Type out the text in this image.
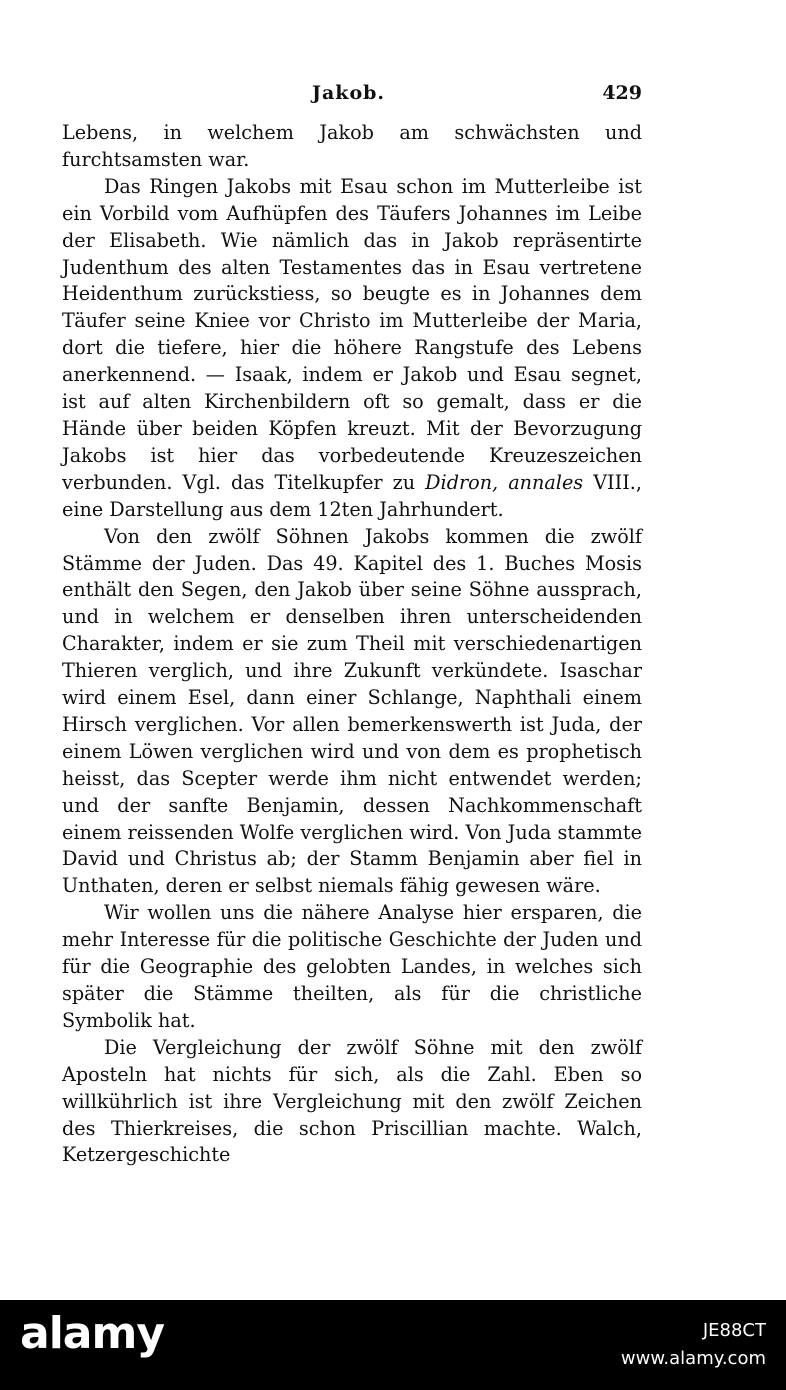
Jakob.	429

Lebens, in welchem Jakob am schwächsten und furchtsamsten war.

Das Ringen Jakobs mit Esau schon im Mutterleibe ist ein Vorbild vom Aufhüpfen des Täufers Johannes im Leibe der Elisabeth. Wie nämlich das in Jakob repräsentirte Judenthum des alten Testamentes das in Esau vertretene Heidenthum zurückstiess, so beugte es in Johannes dem Täufer seine Kniee vor Christo im Mutterleibe der Maria, dort die tiefere, hier die höhere Rangstufe des Lebens anerkennend. — Isaak, indem er Jakob und Esau segnet, ist auf alten Kirchenbildern oft so gemalt, dass er die Hände über beiden Köpfen kreuzt. Mit der Bevorzugung Jakobs ist hier das vorbedeutende Kreuzeszeichen verbunden. Vgl. das Titelkupfer zu Didron, annales VIII., eine Darstellung aus dem 12ten Jahrhundert.

Von den zwölf Söhnen Jakobs kommen die zwölf Stämme der Juden. Das 49. Kapitel des 1. Buches Mosis enthält den Segen, den Jakob über seine Söhne aussprach, und in welchem er denselben ihren unterscheidenden Charakter, indem er sie zum Theil mit verschiedenartigen Thieren verglich, und ihre Zukunft verkündete. Isaschar wird einem Esel, dann einer Schlange, Naphthali einem Hirsch verglichen. Vor allen bemerkenswerth ist Juda, der einem Löwen verglichen wird und von dem es prophetisch heisst, das Scepter werde ihm nicht entwendet werden; und der sanfte Benjamin, dessen Nachkommenschaft einem reissenden Wolfe verglichen wird. Von Juda stammte David und Christus ab; der Stamm Benjamin aber fiel in Unthaten, deren er selbst niemals fähig gewesen wäre.

Wir wollen uns die nähere Analyse hier ersparen, die mehr Interesse für die politische Geschichte der Juden und für die Geographie des gelobten Landes, in welches sich später die Stämme theilten, als für die christliche Symbolik hat.

Die Vergleichung der zwölf Söhne mit den zwölf Aposteln hat nichts für sich, als die Zahl. Eben so willkührlich ist ihre Vergleichung mit den zwölf Zeichen des Thierkreises, die schon Priscillian machte. Walch, Ketzergeschichte

alamy	JE88CT
www.alamy.com
